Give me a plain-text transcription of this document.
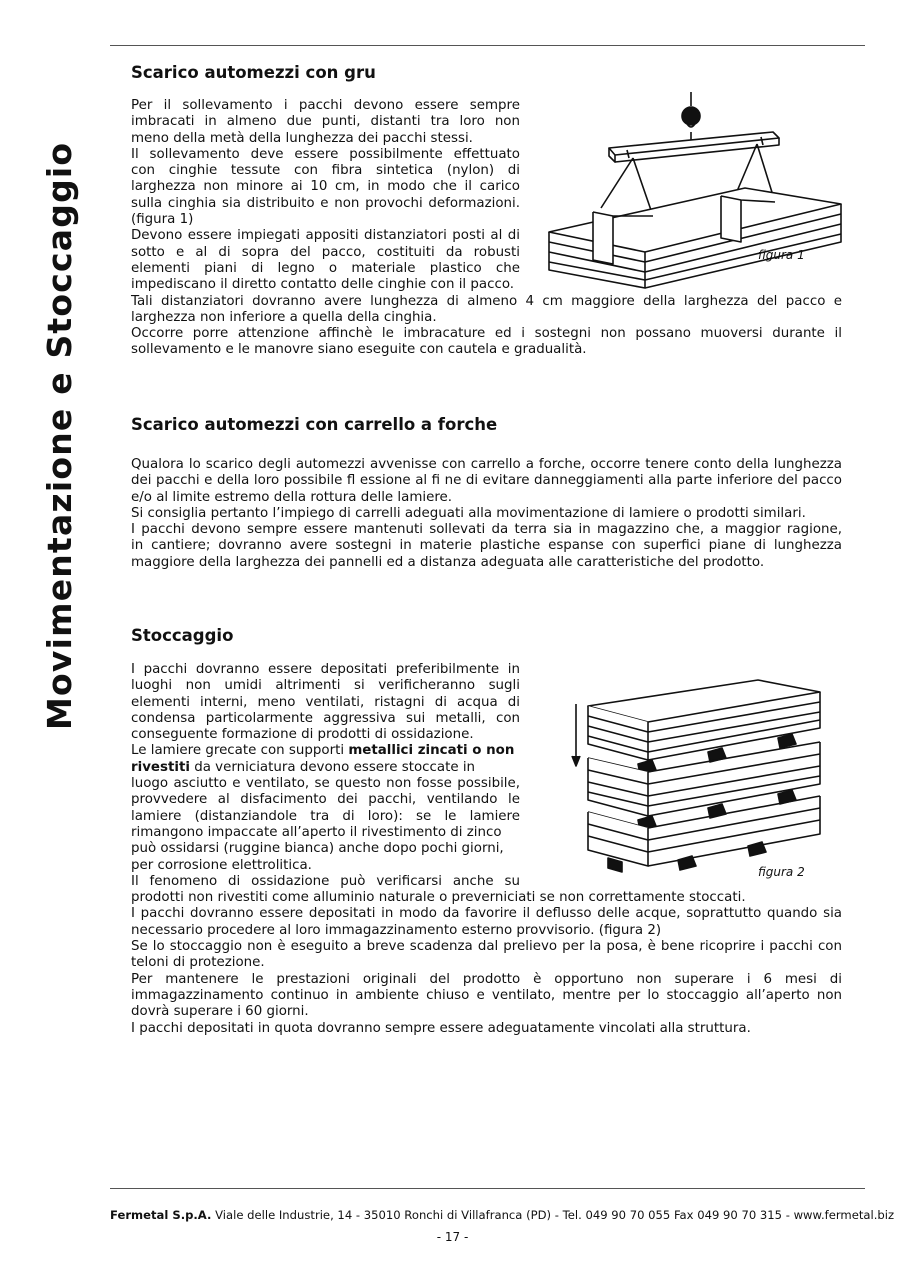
Movimentazione e Stoccaggio
Scarico automezzi con gru
Per il sollevamento i pacchi devono essere sempre
imbracati in almeno due punti, distanti tra loro non
meno della metà della lunghezza dei pacchi stessi.
Il sollevamento deve essere possibilmente effettuato
con cinghie tessute con fibra sintetica (nylon) di
larghezza non minore ai 10 cm, in modo che il carico
sulla cinghia sia distribuito e non provochi deformazioni.
(figura 1)
Devono essere impiegati appositi distanziatori posti al di
sotto e al di sopra del pacco, costituiti da robusti
elementi piani di legno o materiale plastico che
impediscano il diretto contatto delle cinghie con il pacco.
Tali distanziatori dovranno avere lunghezza di almeno 4 cm maggiore della larghezza del pacco e
larghezza non inferiore a quella della cinghia.
Occorre porre attenzione affinchè le imbracature ed i sostegni non possano muoversi durante il
sollevamento e le manovre siano eseguite con cautela e gradualità.
figura 1
Scarico automezzi con carrello a forche
Qualora lo scarico degli automezzi avvenisse con carrello a forche, occorre tenere conto della lunghezza
dei pacchi e della loro possibile fl essione al fi ne di evitare danneggiamenti alla parte inferiore del pacco
e/o al limite estremo della rottura delle lamiere.
Si consiglia pertanto l’impiego di carrelli adeguati alla movimentazione di lamiere o prodotti similari.
I pacchi devono sempre essere mantenuti sollevati da terra sia in magazzino che, a maggior ragione,
in cantiere; dovranno avere sostegni in materie plastiche espanse con superfici piane di lunghezza
maggiore della larghezza dei pannelli ed a distanza adeguata alle caratteristiche del prodotto.
Stoccaggio
I pacchi dovranno essere depositati preferibilmente in
luoghi non umidi altrimenti si verificheranno sugli
elementi interni, meno ventilati, ristagni di acqua di
condensa particolarmente aggressiva sui metalli, con
conseguente formazione di prodotti di ossidazione.
Le lamiere grecate con supporti metallici zincati o non
rivestiti da verniciatura devono essere stoccate in
luogo asciutto e ventilato, se questo non fosse possibile,
provvedere al disfacimento dei pacchi, ventilando le
lamiere (distanziandole tra di loro): se le lamiere
rimangono impaccate all’aperto il rivestimento di zinco
può ossidarsi (ruggine bianca) anche dopo pochi giorni,
per corrosione elettrolitica.
Il fenomeno di ossidazione può verificarsi anche su
prodotti non rivestiti come alluminio naturale o preverniciati se non correttamente stoccati.
I pacchi dovranno essere depositati in modo da favorire il deflusso delle acque, soprattutto quando sia
necessario procedere al loro immagazzinamento esterno provvisorio. (figura 2)
Se lo stoccaggio non è eseguito a breve scadenza dal prelievo per la posa, è bene ricoprire i pacchi con
teloni di protezione.
Per mantenere le prestazioni originali del prodotto è opportuno non superare i 6 mesi di
immagazzinamento continuo in ambiente chiuso e ventilato, mentre per lo stoccaggio all’aperto non
dovrà superare i 60 giorni.
I pacchi depositati in quota dovranno sempre essere adeguatamente vincolati alla struttura.
figura 2
Fermetal S.p.A. Viale delle Industrie, 14 - 35010 Ronchi di Villafranca (PD) - Tel. 049 90 70 055 Fax 049 90 70 315 - www.fermetal.biz
- 17 -
